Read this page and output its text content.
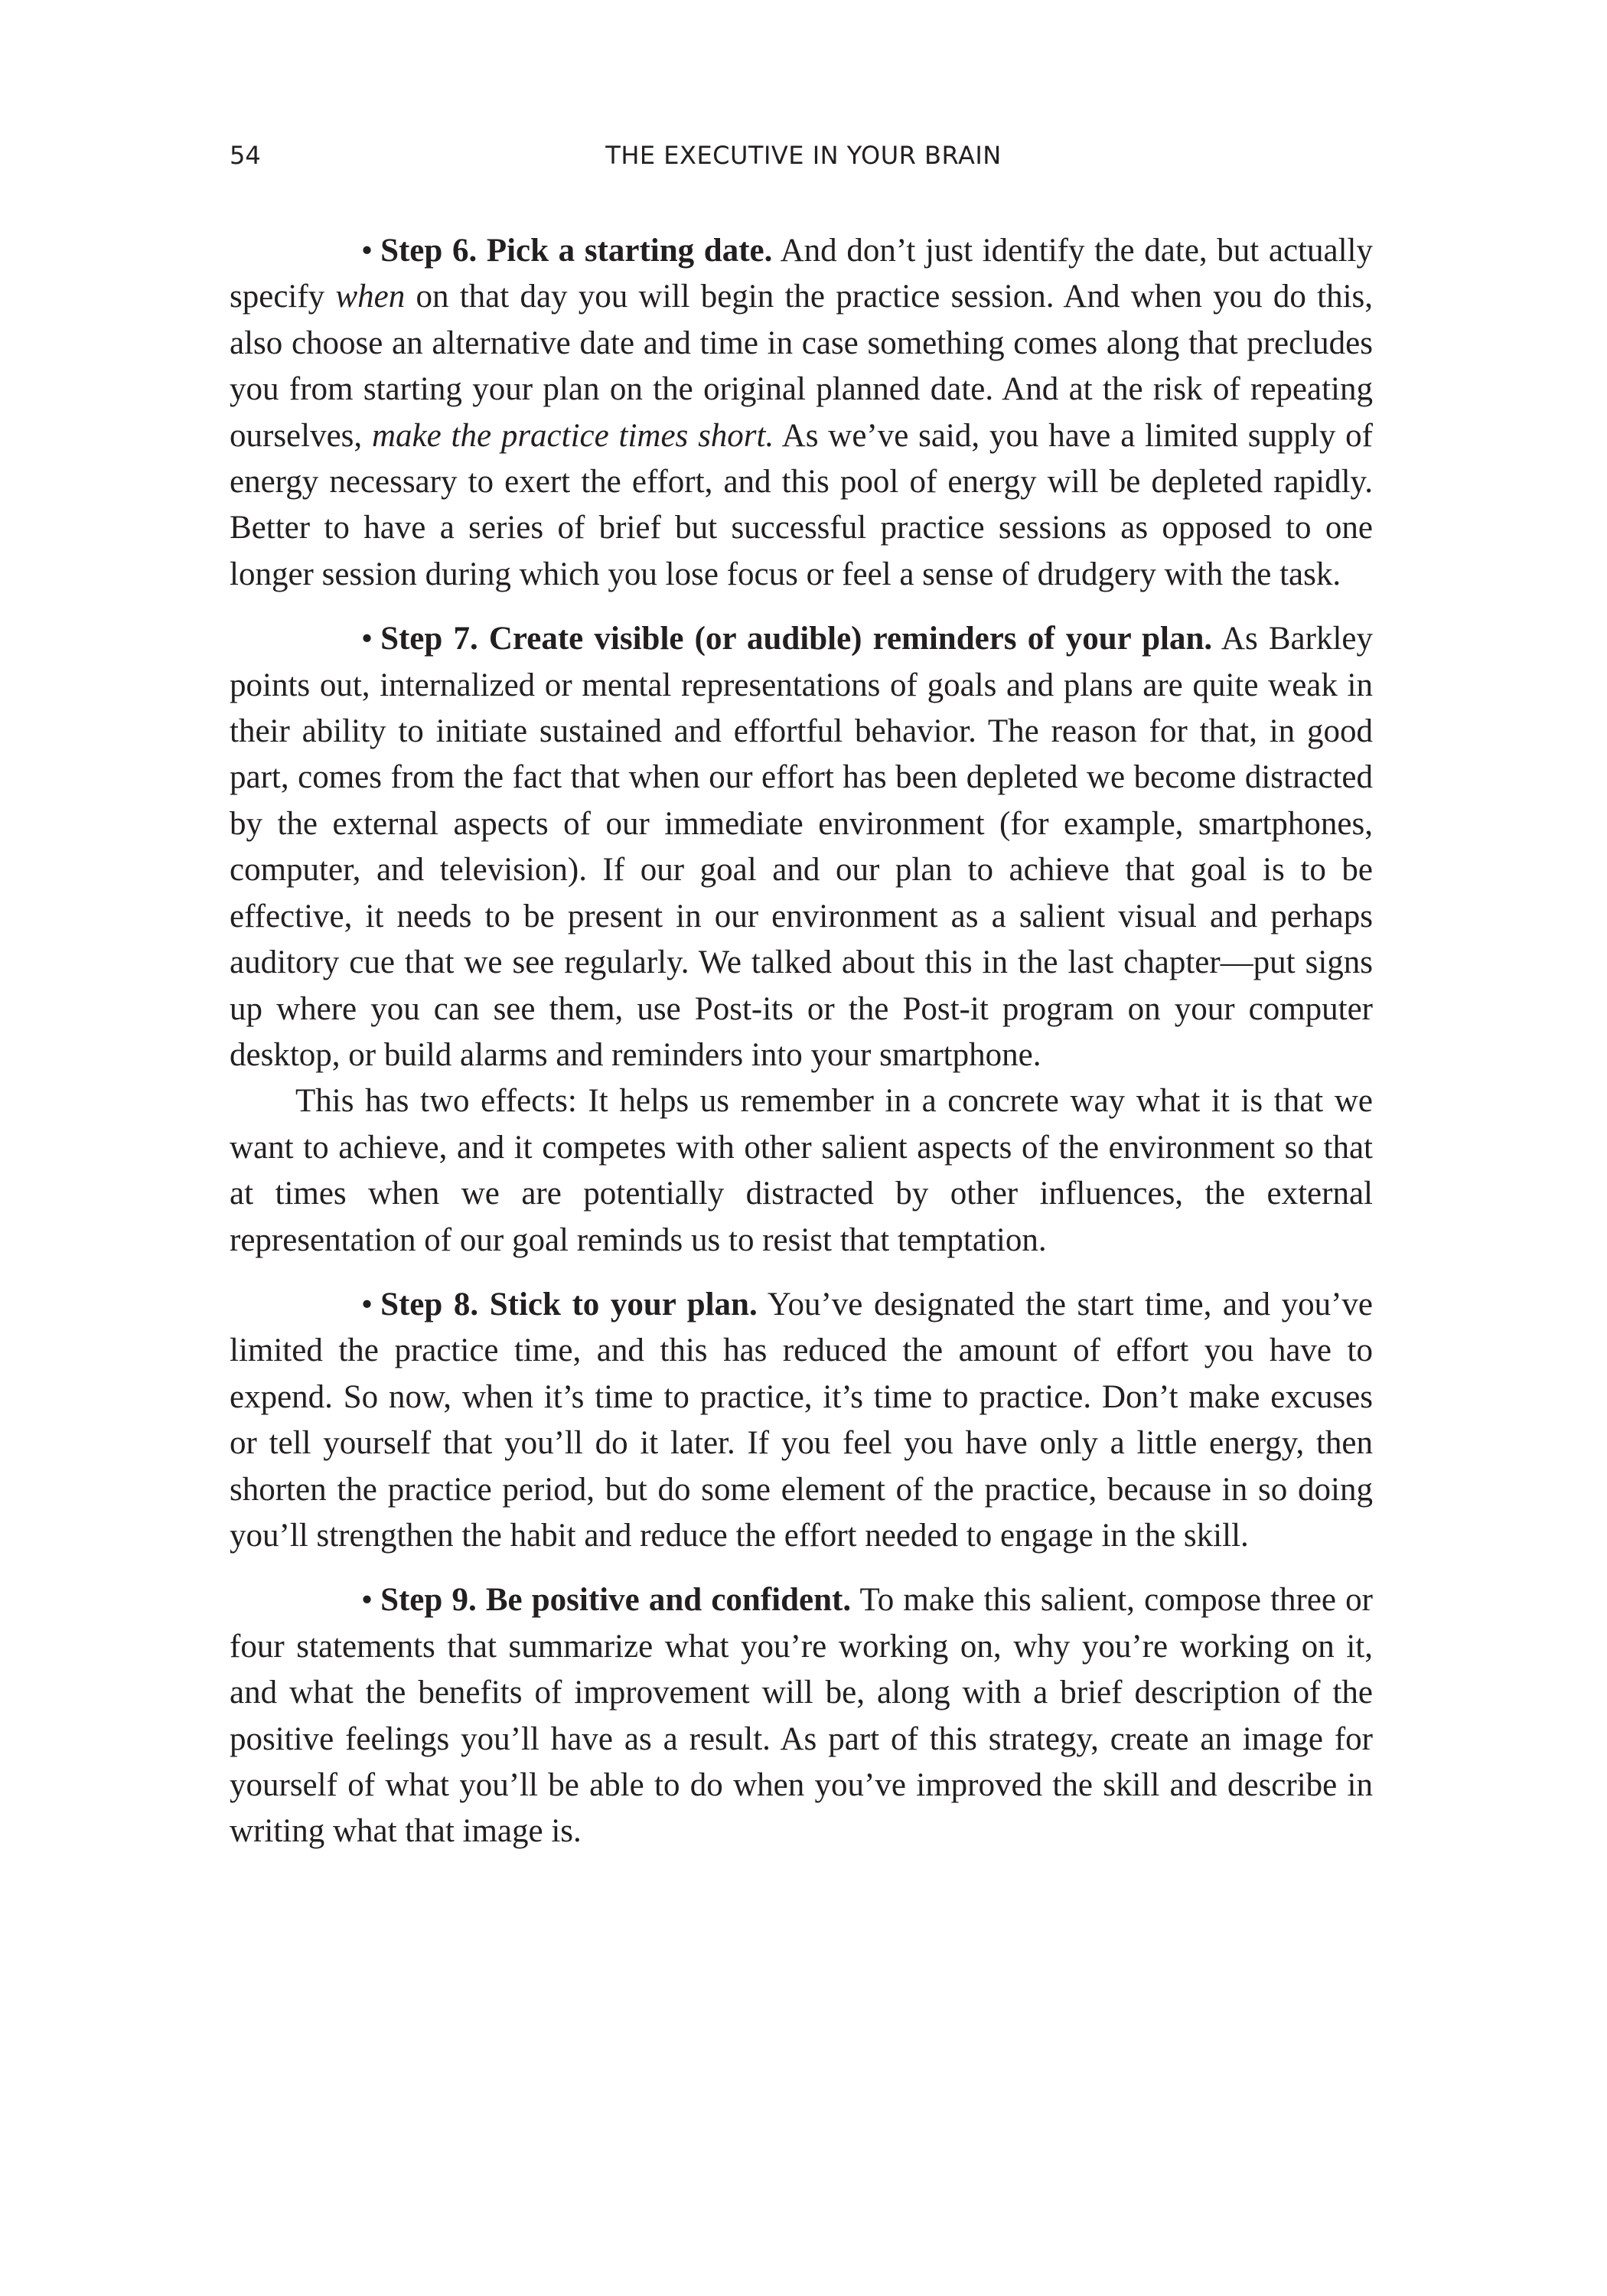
54	THE EXECUTIVE IN YOUR BRAIN

• Step 6. Pick a starting date. And don’t just identify the date, but actually specify when on that day you will begin the practice session. And when you do this, also choose an alternative date and time in case something comes along that precludes you from starting your plan on the original planned date. And at the risk of repeating ourselves, make the practice times short. As we’ve said, you have a limited supply of energy necessary to exert the effort, and this pool of energy will be depleted rapidly. Better to have a series of brief but successful practice sessions as opposed to one longer session during which you lose focus or feel a sense of drudgery with the task.

• Step 7. Create visible (or audible) reminders of your plan. As Barkley points out, internalized or mental representations of goals and plans are quite weak in their ability to initiate sustained and effortful behavior. The reason for that, in good part, comes from the fact that when our effort has been depleted we become distracted by the external aspects of our immediate environment (for example, smartphones, computer, and television). If our goal and our plan to achieve that goal is to be effective, it needs to be present in our environment as a salient visual and perhaps auditory cue that we see regularly. We talked about this in the last chapter—put signs up where you can see them, use Post-its or the Post-it program on your computer desktop, or build alarms and reminders into your smartphone.

This has two effects: It helps us remember in a concrete way what it is that we want to achieve, and it competes with other salient aspects of the environment so that at times when we are potentially distracted by other influences, the external representation of our goal reminds us to resist that temptation.

• Step 8. Stick to your plan. You’ve designated the start time, and you’ve limited the practice time, and this has reduced the amount of effort you have to expend. So now, when it’s time to practice, it’s time to practice. Don’t make excuses or tell yourself that you’ll do it later. If you feel you have only a little energy, then shorten the practice period, but do some element of the practice, because in so doing you’ll strengthen the habit and reduce the effort needed to engage in the skill.

• Step 9. Be positive and confident. To make this salient, compose three or four statements that summarize what you’re working on, why you’re working on it, and what the benefits of improvement will be, along with a brief description of the positive feelings you’ll have as a result. As part of this strategy, create an image for yourself of what you’ll be able to do when you’ve improved the skill and describe in writing what that image is.
